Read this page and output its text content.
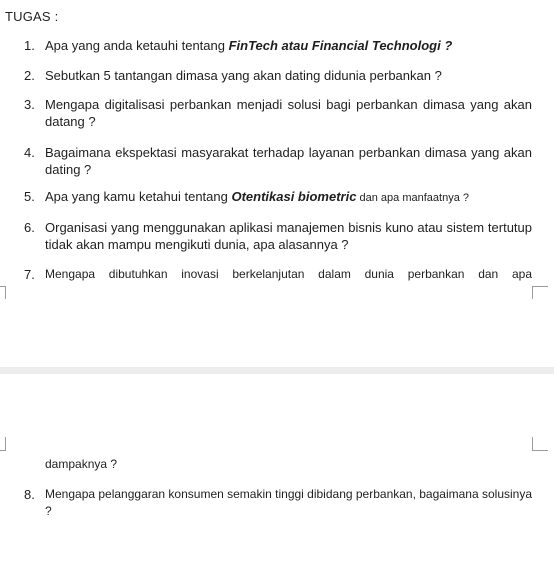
TUGAS :
1. Apa yang anda ketauhi tentang FinTech atau Financial Technologi ?
2. Sebutkan 5 tantangan dimasa yang akan dating didunia perbankan ?
3. Mengapa digitalisasi perbankan menjadi solusi bagi perbankan dimasa yang akan datang ?
4. Bagaimana ekspektasi masyarakat terhadap layanan perbankan dimasa yang akan dating ?
5. Apa yang kamu ketahui tentang Otentikasi biometric dan apa manfaatnya ?
6. Organisasi yang menggunakan aplikasi manajemen bisnis kuno atau sistem tertutup tidak akan mampu mengikuti dunia, apa alasannya ?
7. Mengapa dibutuhkan inovasi berkelanjutan dalam dunia perbankan dan apa
dampaknya ?
8. Mengapa pelanggaran konsumen semakin tinggi dibidang perbankan, bagaimana solusinya ?
